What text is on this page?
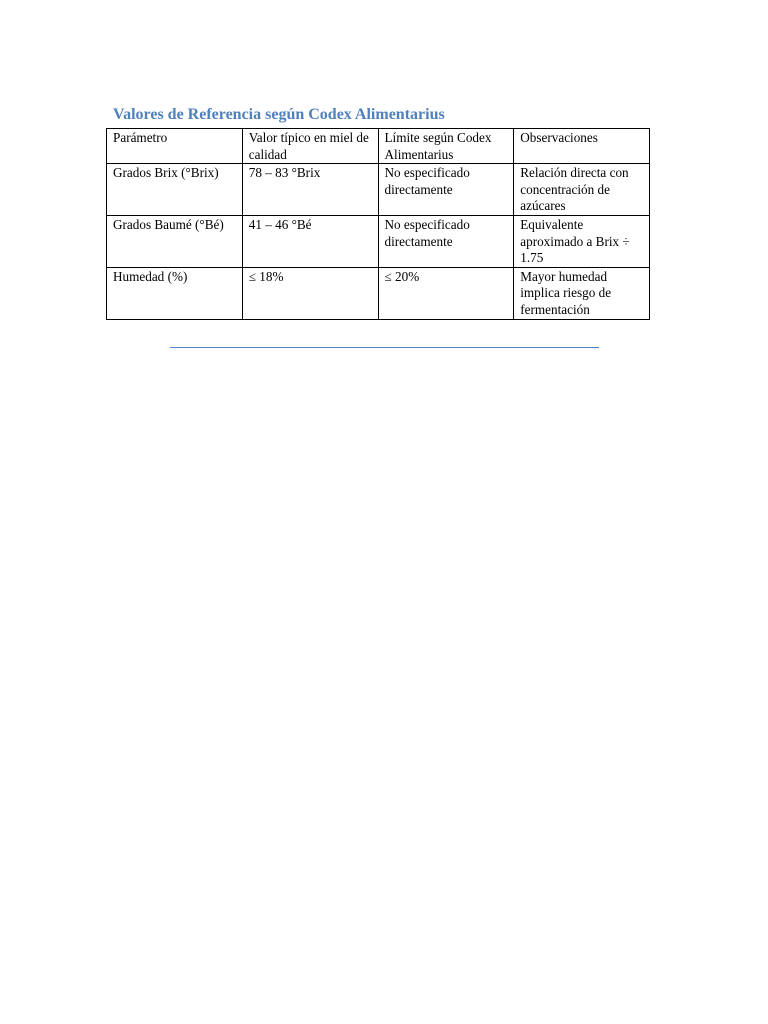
Valores de Referencia según Codex Alimentarius
Parámetro	Valor típico en miel de calidad	Límite según Codex Alimentarius	Observaciones
Grados Brix (°Brix)	78 – 83 °Brix	No especificado directamente	Relación directa con concentración de azúcares
Grados Baumé (°Bé)	41 – 46 °Bé	No especificado directamente	Equivalente aproximado a Brix ÷ 1.75
Humedad (%)	≤ 18%	≤ 20%	Mayor humedad implica riesgo de fermentación
